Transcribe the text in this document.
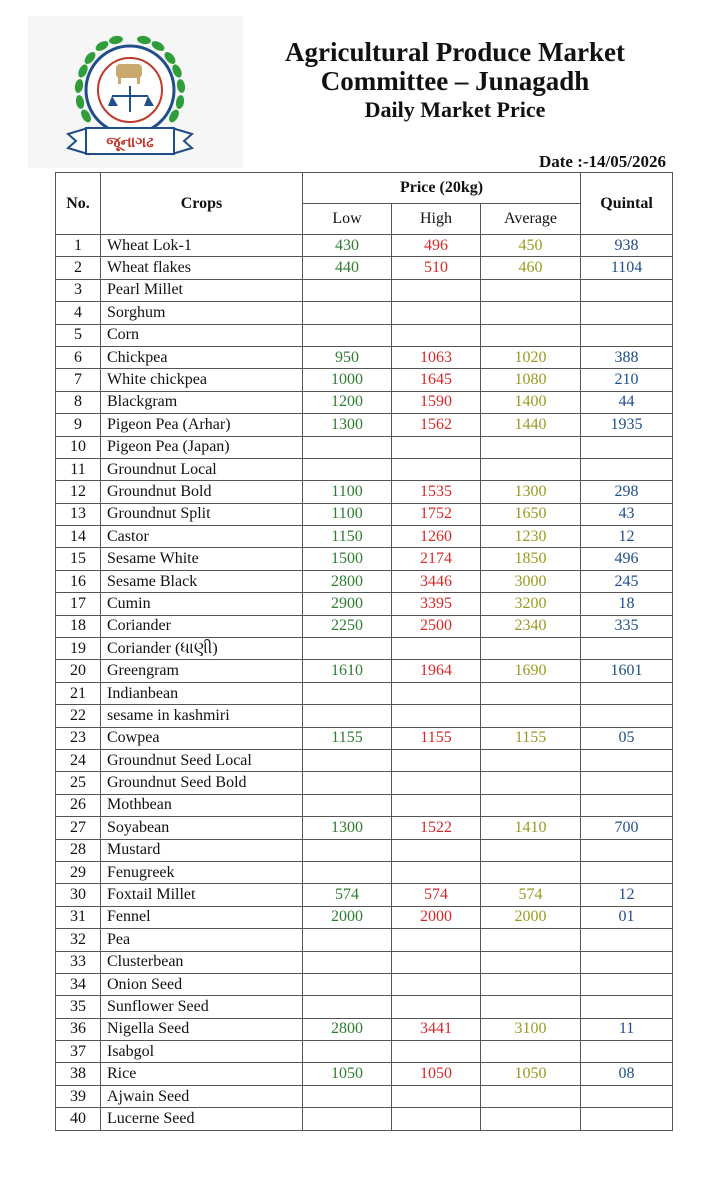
જૂનાગઢ
Agricultural Produce Market
Committee – Junagadh
Daily Market Price
Date :-14/05/2026
No.	Crops	Price (20kg)			Quintal
		Low	High	Average	
1	Wheat Lok-1	430	496	450	938
2	Wheat flakes	440	510	460	1104
3	Pearl Millet				
4	Sorghum				
5	Corn				
6	Chickpea	950	1063	1020	388
7	White chickpea	1000	1645	1080	210
8	Blackgram	1200	1590	1400	44
9	Pigeon Pea (Arhar)	1300	1562	1440	1935
10	Pigeon Pea (Japan)				
11	Groundnut Local				
12	Groundnut Bold	1100	1535	1300	298
13	Groundnut Split	1100	1752	1650	43
14	Castor	1150	1260	1230	12
15	Sesame White	1500	2174	1850	496
16	Sesame Black	2800	3446	3000	245
17	Cumin	2900	3395	3200	18
18	Coriander	2250	2500	2340	335
19	Coriander (ધાણી)				
20	Greengram	1610	1964	1690	1601
21	Indianbean				
22	sesame in kashmiri				
23	Cowpea	1155	1155	1155	05
24	Groundnut Seed Local				
25	Groundnut Seed Bold				
26	Mothbean				
27	Soyabean	1300	1522	1410	700
28	Mustard				
29	Fenugreek				
30	Foxtail Millet	574	574	574	12
31	Fennel	2000	2000	2000	01
32	Pea				
33	Clusterbean				
34	Onion Seed				
35	Sunflower Seed				
36	Nigella Seed	2800	3441	3100	11
37	Isabgol				
38	Rice	1050	1050	1050	08
39	Ajwain Seed				
40	Lucerne Seed				
